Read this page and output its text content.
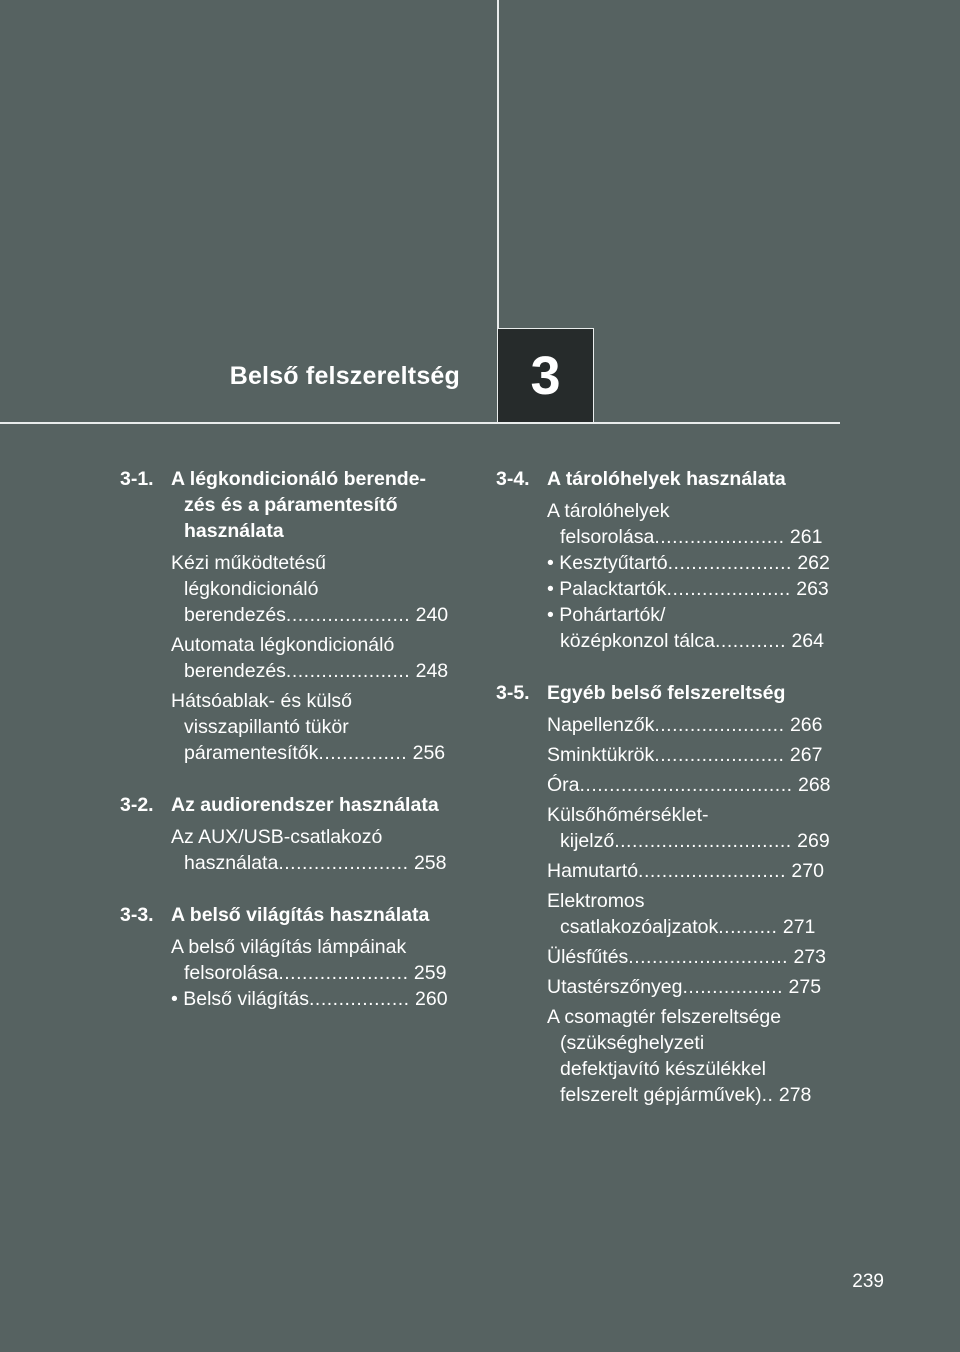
Belső felszereltség 3
3-1. A légkondicionáló berende-
zés és a páramentesítő
használata
Kézi működtetésű
légkondicionáló
berendezés..................... 240
Automata légkondicionáló
berendezés..................... 248
Hátsóablak- és külső
visszapillantó tükör
páramentesítők............... 256
3-2. Az audiorendszer használata
Az AUX/USB-csatlakozó
használata...................... 258
3-3. A belső világítás használata
A belső világítás lámpáinak
felsorolása...................... 259
• Belső világítás................. 260
3-4. A tárolóhelyek használata
A tárolóhelyek
felsorolása...................... 261
• Kesztyűtartó..................... 262
• Palacktartók..................... 263
• Pohártartók/
középkonzol tálca............ 264
3-5. Egyéb belső felszereltség
Napellenzők...................... 266
Sminktükrök...................... 267
Óra.................................... 268
Külsőhőmérséklet-
kijelző.............................. 269
Hamutartó......................... 270
Elektromos
csatlakozóaljzatok.......... 271
Ülésfűtés........................... 273
Utastérszőnyeg................. 275
A csomagtér felszereltsége
(szükséghelyzeti
defektjavító készülékkel
felszerelt gépjárművek).. 278
239
